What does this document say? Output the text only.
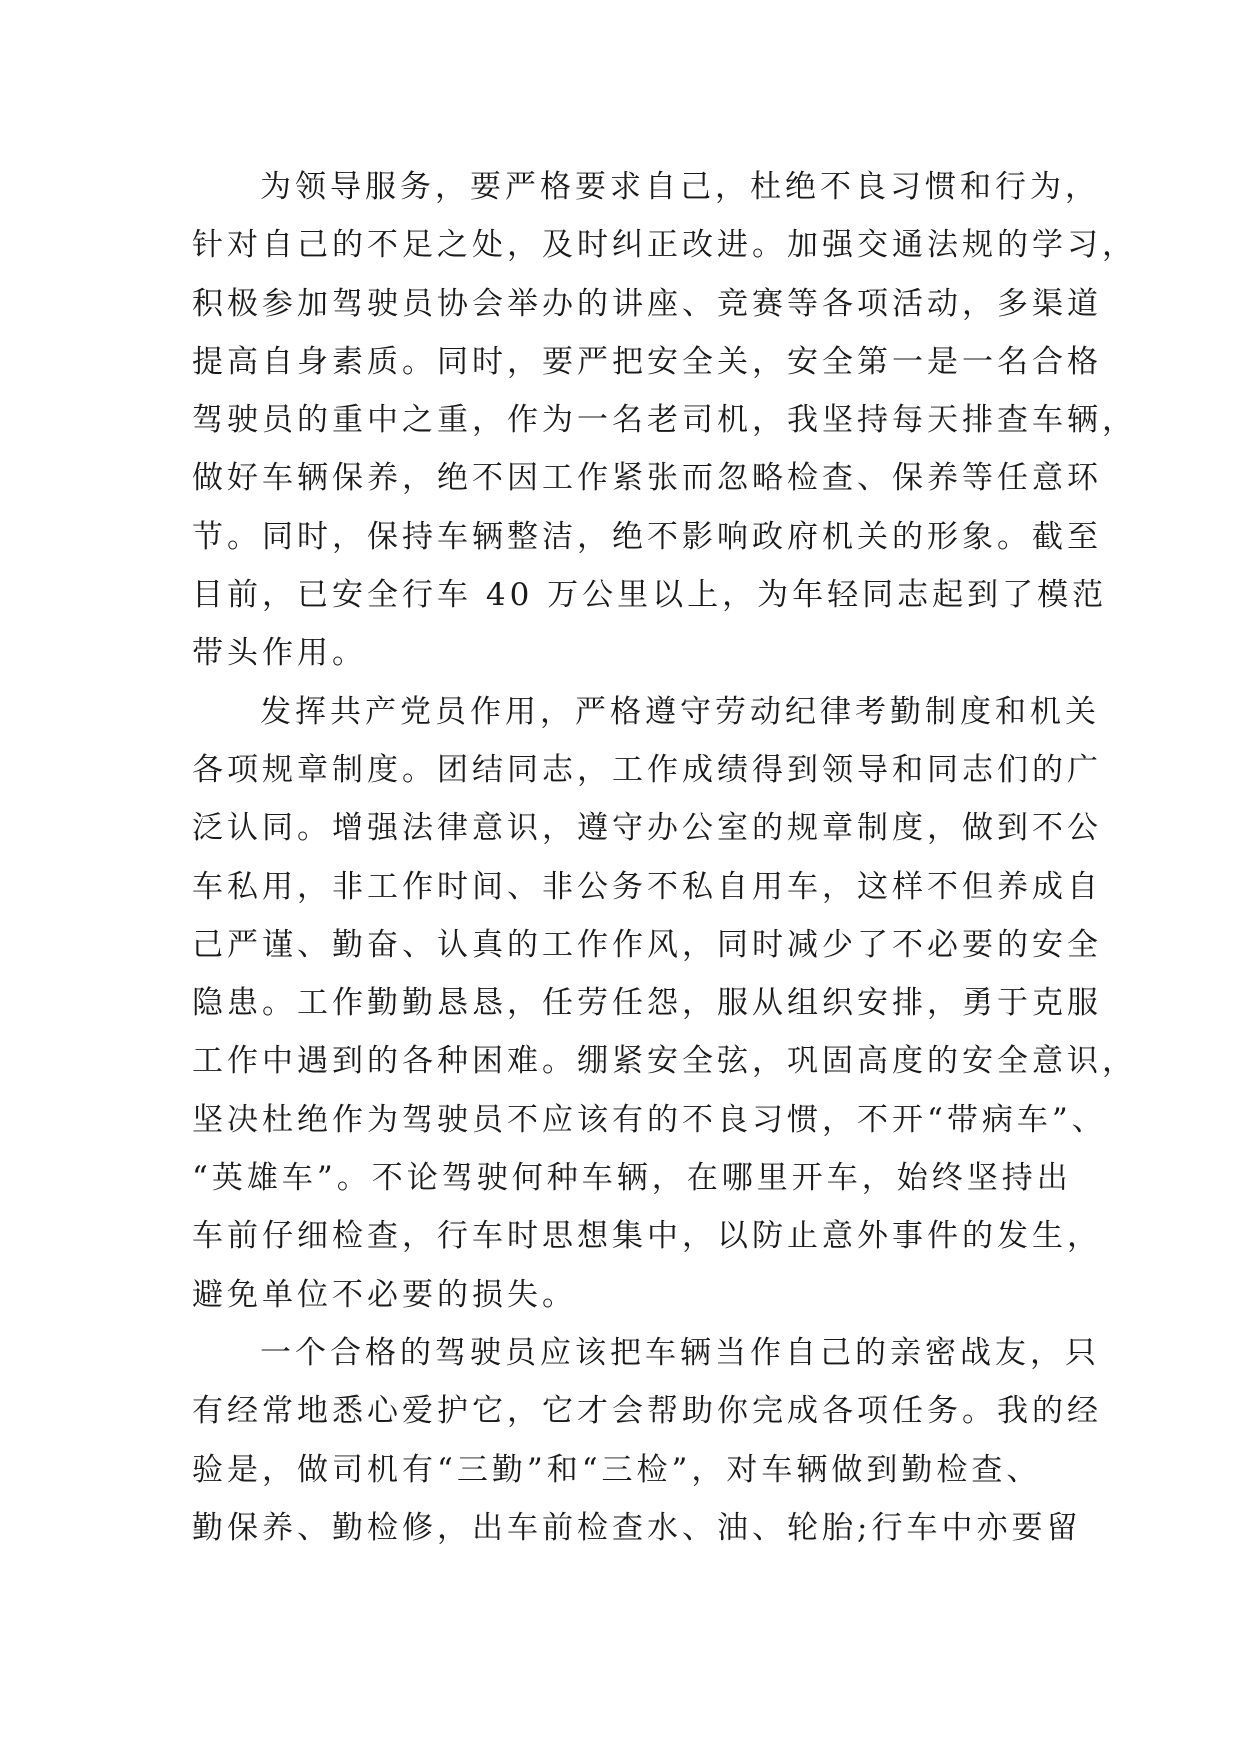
为领导服务，要严格要求自己，杜绝不良习惯和行为，
针对自己的不足之处，及时纠正改进。加强交通法规的学习，
积极参加驾驶员协会举办的讲座、竞赛等各项活动，多渠道
提高自身素质。同时，要严把安全关，安全第一是一名合格
驾驶员的重中之重，作为一名老司机，我坚持每天排查车辆，
做好车辆保养，绝不因工作紧张而忽略检查、保养等任意环
节。同时，保持车辆整洁，绝不影响政府机关的形象。截至
目前，已安全行车 40 万公里以上，为年轻同志起到了模范
带头作用。
发挥共产党员作用，严格遵守劳动纪律考勤制度和机关
各项规章制度。团结同志，工作成绩得到领导和同志们的广
泛认同。增强法律意识，遵守办公室的规章制度，做到不公
车私用，非工作时间、非公务不私自用车，这样不但养成自
己严谨、勤奋、认真的工作作风，同时减少了不必要的安全
隐患。工作勤勤恳恳，任劳任怨，服从组织安排，勇于克服
工作中遇到的各种困难。绷紧安全弦，巩固高度的安全意识，
坚决杜绝作为驾驶员不应该有的不良习惯，不开“带病车”、
“英雄车”。不论驾驶何种车辆，在哪里开车，始终坚持出
车前仔细检查，行车时思想集中，以防止意外事件的发生，
避免单位不必要的损失。
一个合格的驾驶员应该把车辆当作自己的亲密战友，只
有经常地悉心爱护它，它才会帮助你完成各项任务。我的经
验是，做司机有“三勤”和“三检”，对车辆做到勤检查、
勤保养、勤检修，出车前检查水、油、轮胎;行车中亦要留
